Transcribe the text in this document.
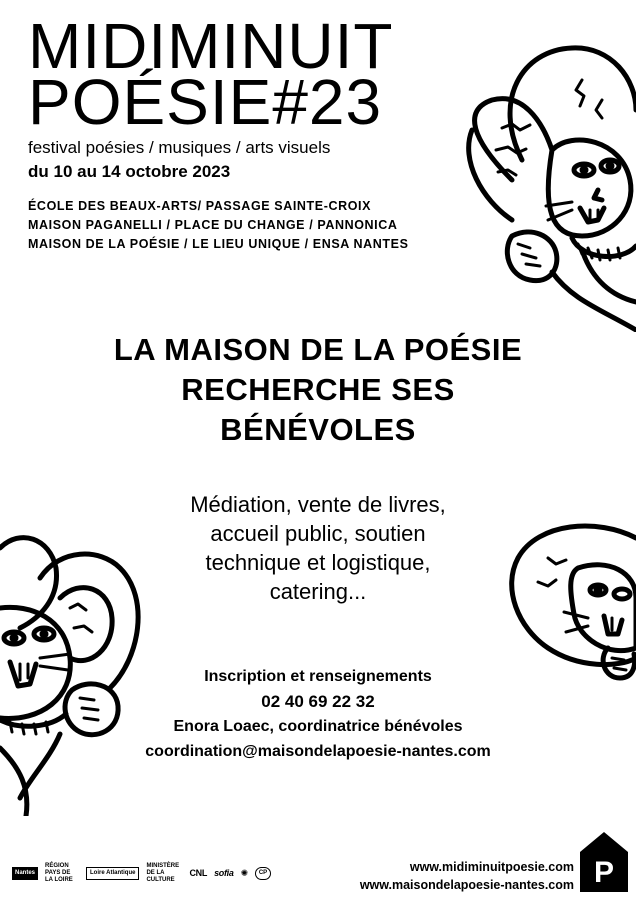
MIDIMINUIT
POÉSIE#23

festival poésies / musiques / arts visuels

du 10 au 14 octobre 2023

ÉCOLE DES BEAUX-ARTS/ PASSAGE SAINTE-CROIX
MAISON PAGANELLI / PLACE DU CHANGE / PANNONICA
MAISON DE LA POÉSIE / LE LIEU UNIQUE / ENSA NANTES
LA MAISON DE LA POÉSIE
RECHERCHE SES
BÉNÉVOLES

Médiation, vente de livres,
accueil public, soutien
technique et logistique,
catering...

Inscription et renseignements
02 40 69 22 32
Enora Loaec, coordinatrice bénévoles
coordination@maisondelapoesie-nantes.com
Nantes
RÉGION PAYS DE LA LOIRE
Loire Atlantique
MINISTÈRE DE LA CULTURE
CNL sofia ✺	CP	www.midiminuitpoesie.com
www.maisondelapoesie-nantes.com P
